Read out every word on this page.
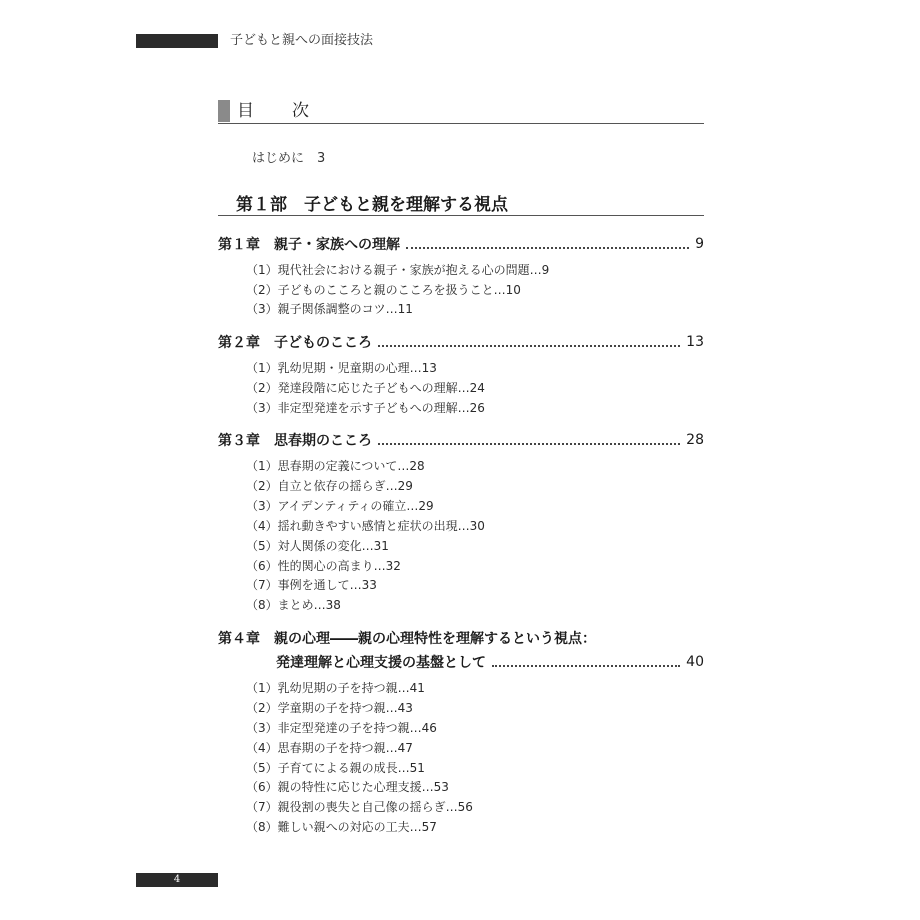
子どもと親への面接技法
目次
はじめに　3
第１部　子どもと親を理解する視点
第１章 親子・家族への理解	9
（1）現代社会における親子・家族が抱える心の問題…9
（2）子どものこころと親のこころを扱うこと…10
（3）親子関係調整のコツ…11
第２章 子どものこころ	13
（1）乳幼児期・児童期の心理…13
（2）発達段階に応じた子どもへの理解…24
（3）非定型発達を示す子どもへの理解…26
第３章 思春期のこころ	28
（1）思春期の定義について…28
（2）自立と依存の揺らぎ…29
（3）アイデンティティの確立…29
（4）揺れ動きやすい感情と症状の出現…30
（5）対人関係の変化…31
（6）性的関心の高まり…32
（7）事例を通して…33
（8）まとめ…38
第４章 親の心理――親の心理特性を理解するという視点：
発達理解と心理支援の基盤として	40
（1）乳幼児期の子を持つ親…41
（2）学童期の子を持つ親…43
（3）非定型発達の子を持つ親…46
（4）思春期の子を持つ親…47
（5）子育てによる親の成長…51
（6）親の特性に応じた心理支援…53
（7）親役割の喪失と自己像の揺らぎ…56
（8）難しい親への対応の工夫…57
4
